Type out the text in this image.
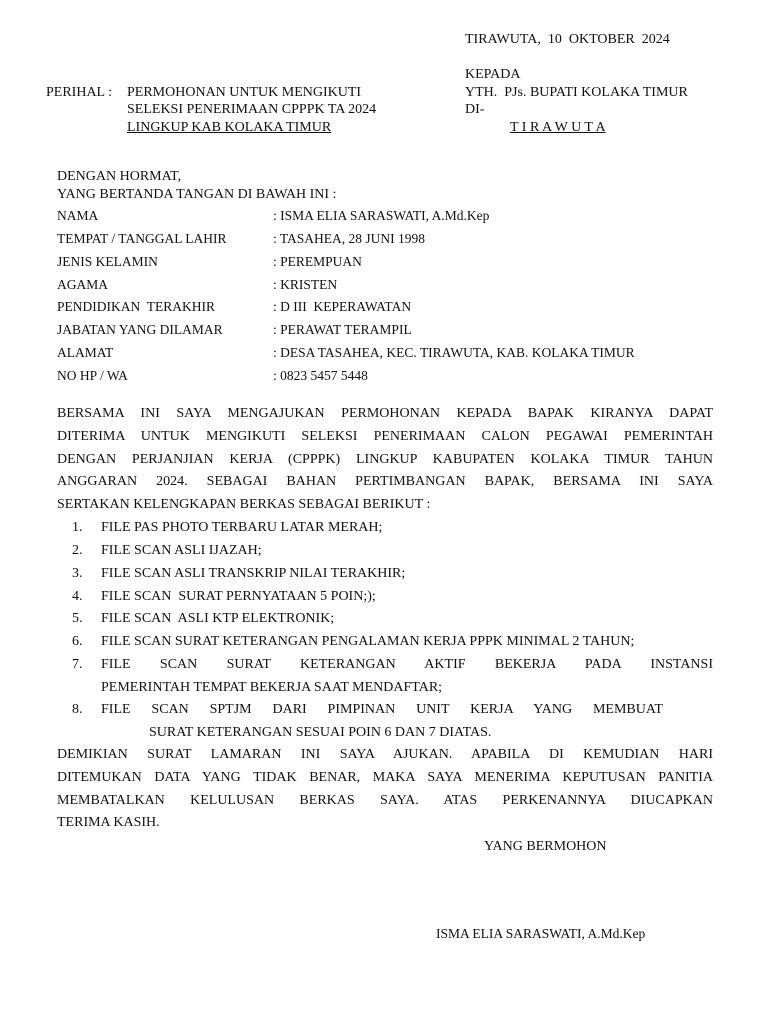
TIRAWUTA,  10  OKTOBER  2024
KEPADA
YTH.  PJs. BUPATI KOLAKA TIMUR
DI-
T I R A W U T A
PERIHAL : PERMOHONAN UNTUK MENGIKUTI
SELEKSI PENERIMAAN CPPPK TA 2024
LINGKUP KAB KOLAKA TIMUR
DENGAN HORMAT,
YANG BERTANDA TANGAN DI BAWAH INI :
NAMA	: ISMA ELIA SARASWATI, A.Md.Kep
TEMPAT / TANGGAL LAHIR	: TASAHEA, 28 JUNI 1998
JENIS KELAMIN	: PEREMPUAN
AGAMA	: KRISTEN
PENDIDIKAN  TERAKHIR	: D III  KEPERAWATAN
JABATAN YANG DILAMAR	: PERAWAT TERAMPIL
ALAMAT	: DESA TASAHEA, KEC. TIRAWUTA, KAB. KOLAKA TIMUR
NO HP / WA	: 0823 5457 5448
BERSAMA INI SAYA MENGAJUKAN PERMOHONAN KEPADA BAPAK KIRANYA DAPAT
DITERIMA UNTUK MENGIKUTI SELEKSI PENERIMAAN CALON PEGAWAI PEMERINTAH
DENGAN PERJANJIAN KERJA (CPPPK) LINGKUP KABUPATEN KOLAKA TIMUR TAHUN
ANGGARAN 2024. SEBAGAI BAHAN PERTIMBANGAN BAPAK, BERSAMA INI SAYA
SERTAKAN KELENGKAPAN BERKAS SEBAGAI BERIKUT :
1. FILE PAS PHOTO TERBARU LATAR MERAH;
2. FILE SCAN ASLI IJAZAH;
3. FILE SCAN ASLI TRANSKRIP NILAI TERAKHIR;
4. FILE SCAN  SURAT PERNYATAAN 5 POIN;);
5. FILE SCAN  ASLI KTP ELEKTRONIK;
6. FILE SCAN SURAT KETERANGAN PENGALAMAN KERJA PPPK MINIMAL 2 TAHUN;
7. FILE SCAN SURAT KETERANGAN AKTIF BEKERJA PADA INSTANSI
PEMERINTAH TEMPAT BEKERJA SAAT MENDAFTAR;
8. FILE SCAN SPTJM DARI PIMPINAN UNIT KERJA YANG MEMBUAT
SURAT KETERANGAN SESUAI POIN 6 DAN 7 DIATAS.
DEMIKIAN SURAT LAMARAN INI SAYA AJUKAN. APABILA DI KEMUDIAN HARI
DITEMUKAN DATA YANG TIDAK BENAR, MAKA SAYA MENERIMA KEPUTUSAN PANITIA
MEMBATALKAN KELULUSAN BERKAS SAYA. ATAS PERKENANNYA DIUCAPKAN
TERIMA KASIH.
YANG BERMOHON
ISMA ELIA SARASWATI, A.Md.Kep
